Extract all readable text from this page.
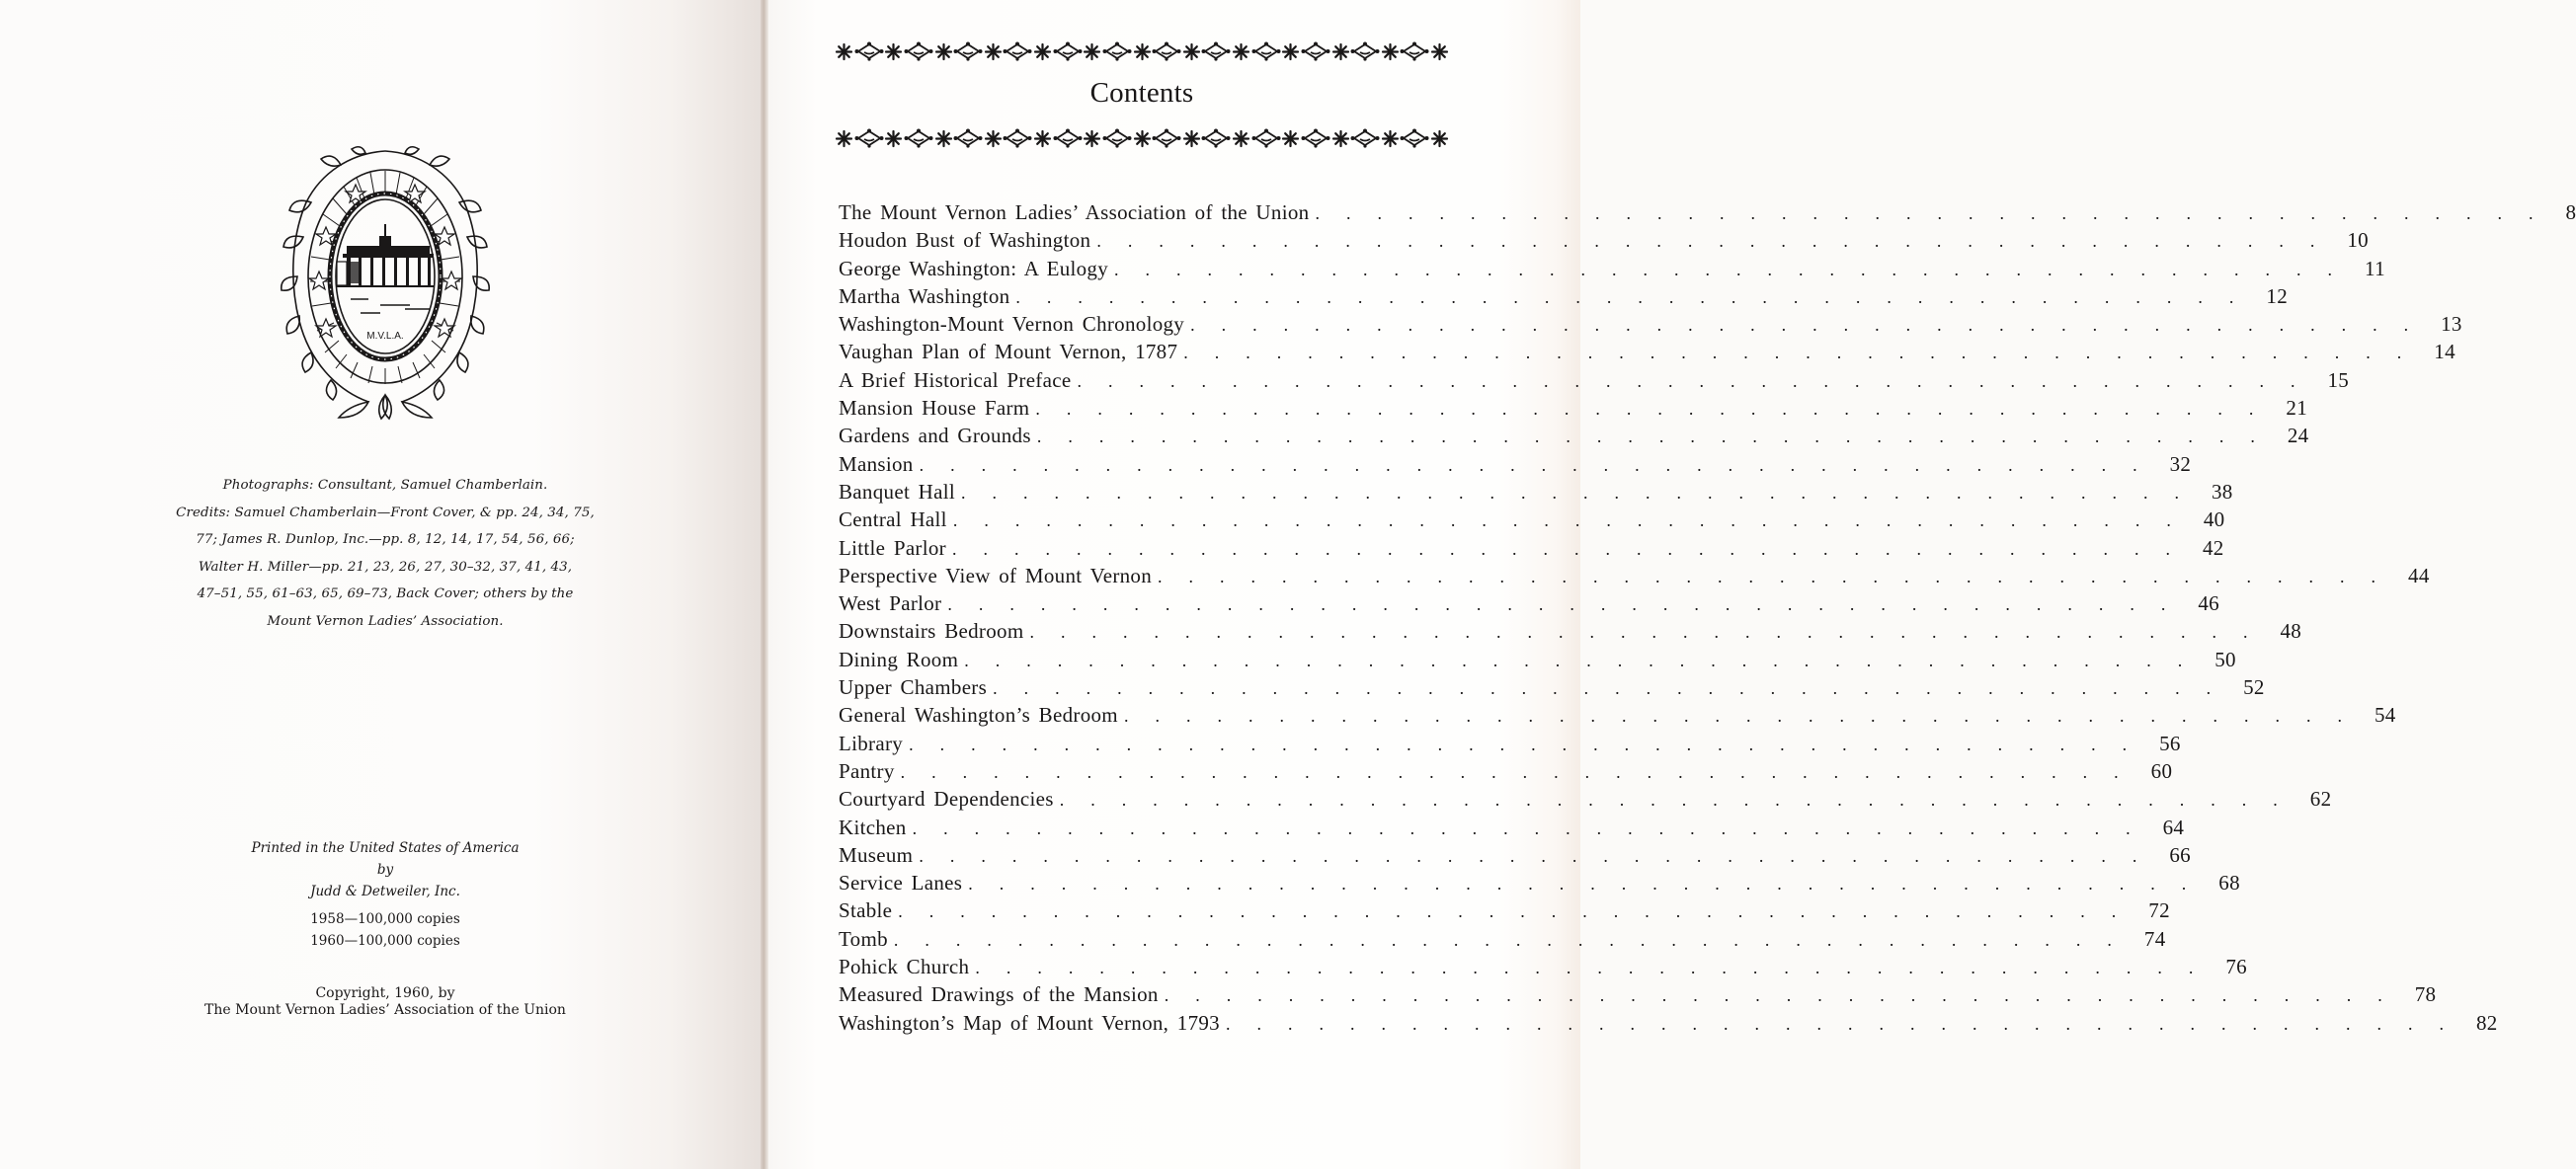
M.V.L.A.
Photographs: Consultant, Samuel Chamberlain.
Credits: Samuel Chamberlain—Front Cover, & pp. 24, 34, 75,
77; James R. Dunlop, Inc.—pp. 8, 12, 14, 17, 54, 56, 66;
Walter H. Miller—pp. 21, 23, 26, 27, 30–32, 37, 41, 43,
47–51, 55, 61–63, 65, 69–73, Back Cover; others by the
Mount Vernon Ladies’ Association.
Printed in the United States of America
by
Judd & Detweiler, Inc.
1958—100,000 copies
1960—100,000 copies
Copyright, 1960, by
The Mount Vernon Ladies’ Association of the Union
Contents
The Mount Vernon Ladies’ Association of the Union .  .  .  .  .  .  .  .  .  .  .  .  .  .  .  .  .  .  .  .  .  .  .  .  .  .  .  .  .  .  .  .  .  .  .  .  .  .  .  .   8
Houdon Bust of Washington .  .  .  .  .  .  .  .  .  .  .  .  .  .  .  .  .  .  .  .  .  .  .  .  .  .  .  .  .  .  .  .  .  .  .  .  .  .  .  .   10
George Washington: A Eulogy .  .  .  .  .  .  .  .  .  .  .  .  .  .  .  .  .  .  .  .  .  .  .  .  .  .  .  .  .  .  .  .  .  .  .  .  .  .  .  .   11
Martha Washington .  .  .  .  .  .  .  .  .  .  .  .  .  .  .  .  .  .  .  .  .  .  .  .  .  .  .  .  .  .  .  .  .  .  .  .  .  .  .  .   12
Washington-Mount Vernon Chronology .  .  .  .  .  .  .  .  .  .  .  .  .  .  .  .  .  .  .  .  .  .  .  .  .  .  .  .  .  .  .  .  .  .  .  .  .  .  .  .   13
Vaughan Plan of Mount Vernon, 1787 .  .  .  .  .  .  .  .  .  .  .  .  .  .  .  .  .  .  .  .  .  .  .  .  .  .  .  .  .  .  .  .  .  .  .  .  .  .  .  .   14
A Brief Historical Preface .  .  .  .  .  .  .  .  .  .  .  .  .  .  .  .  .  .  .  .  .  .  .  .  .  .  .  .  .  .  .  .  .  .  .  .  .  .  .  .   15
Mansion House Farm .  .  .  .  .  .  .  .  .  .  .  .  .  .  .  .  .  .  .  .  .  .  .  .  .  .  .  .  .  .  .  .  .  .  .  .  .  .  .  .   21
Gardens and Grounds .  .  .  .  .  .  .  .  .  .  .  .  .  .  .  .  .  .  .  .  .  .  .  .  .  .  .  .  .  .  .  .  .  .  .  .  .  .  .  .   24
Mansion .  .  .  .  .  .  .  .  .  .  .  .  .  .  .  .  .  .  .  .  .  .  .  .  .  .  .  .  .  .  .  .  .  .  .  .  .  .  .  .   32
Banquet Hall .  .  .  .  .  .  .  .  .  .  .  .  .  .  .  .  .  .  .  .  .  .  .  .  .  .  .  .  .  .  .  .  .  .  .  .  .  .  .  .   38
Central Hall .  .  .  .  .  .  .  .  .  .  .  .  .  .  .  .  .  .  .  .  .  .  .  .  .  .  .  .  .  .  .  .  .  .  .  .  .  .  .  .   40
Little Parlor .  .  .  .  .  .  .  .  .  .  .  .  .  .  .  .  .  .  .  .  .  .  .  .  .  .  .  .  .  .  .  .  .  .  .  .  .  .  .  .   42
Perspective View of Mount Vernon .  .  .  .  .  .  .  .  .  .  .  .  .  .  .  .  .  .  .  .  .  .  .  .  .  .  .  .  .  .  .  .  .  .  .  .  .  .  .  .   44
West Parlor .  .  .  .  .  .  .  .  .  .  .  .  .  .  .  .  .  .  .  .  .  .  .  .  .  .  .  .  .  .  .  .  .  .  .  .  .  .  .  .   46
Downstairs Bedroom .  .  .  .  .  .  .  .  .  .  .  .  .  .  .  .  .  .  .  .  .  .  .  .  .  .  .  .  .  .  .  .  .  .  .  .  .  .  .  .   48
Dining Room .  .  .  .  .  .  .  .  .  .  .  .  .  .  .  .  .  .  .  .  .  .  .  .  .  .  .  .  .  .  .  .  .  .  .  .  .  .  .  .   50
Upper Chambers .  .  .  .  .  .  .  .  .  .  .  .  .  .  .  .  .  .  .  .  .  .  .  .  .  .  .  .  .  .  .  .  .  .  .  .  .  .  .  .   52
General Washington’s Bedroom .  .  .  .  .  .  .  .  .  .  .  .  .  .  .  .  .  .  .  .  .  .  .  .  .  .  .  .  .  .  .  .  .  .  .  .  .  .  .  .   54
Library .  .  .  .  .  .  .  .  .  .  .  .  .  .  .  .  .  .  .  .  .  .  .  .  .  .  .  .  .  .  .  .  .  .  .  .  .  .  .  .   56
Pantry .  .  .  .  .  .  .  .  .  .  .  .  .  .  .  .  .  .  .  .  .  .  .  .  .  .  .  .  .  .  .  .  .  .  .  .  .  .  .  .   60
Courtyard Dependencies .  .  .  .  .  .  .  .  .  .  .  .  .  .  .  .  .  .  .  .  .  .  .  .  .  .  .  .  .  .  .  .  .  .  .  .  .  .  .  .   62
Kitchen .  .  .  .  .  .  .  .  .  .  .  .  .  .  .  .  .  .  .  .  .  .  .  .  .  .  .  .  .  .  .  .  .  .  .  .  .  .  .  .   64
Museum .  .  .  .  .  .  .  .  .  .  .  .  .  .  .  .  .  .  .  .  .  .  .  .  .  .  .  .  .  .  .  .  .  .  .  .  .  .  .  .   66
Service Lanes .  .  .  .  .  .  .  .  .  .  .  .  .  .  .  .  .  .  .  .  .  .  .  .  .  .  .  .  .  .  .  .  .  .  .  .  .  .  .  .   68
Stable .  .  .  .  .  .  .  .  .  .  .  .  .  .  .  .  .  .  .  .  .  .  .  .  .  .  .  .  .  .  .  .  .  .  .  .  .  .  .  .   72
Tomb .  .  .  .  .  .  .  .  .  .  .  .  .  .  .  .  .  .  .  .  .  .  .  .  .  .  .  .  .  .  .  .  .  .  .  .  .  .  .  .   74
Pohick Church .  .  .  .  .  .  .  .  .  .  .  .  .  .  .  .  .  .  .  .  .  .  .  .  .  .  .  .  .  .  .  .  .  .  .  .  .  .  .  .   76
Measured Drawings of the Mansion .  .  .  .  .  .  .  .  .  .  .  .  .  .  .  .  .  .  .  .  .  .  .  .  .  .  .  .  .  .  .  .  .  .  .  .  .  .  .  .   78
Washington’s Map of Mount Vernon, 1793 .  .  .  .  .  .  .  .  .  .  .  .  .  .  .  .  .  .  .  .  .  .  .  .  .  .  .  .  .  .  .  .  .  .  .  .  .  .  .  .   82
